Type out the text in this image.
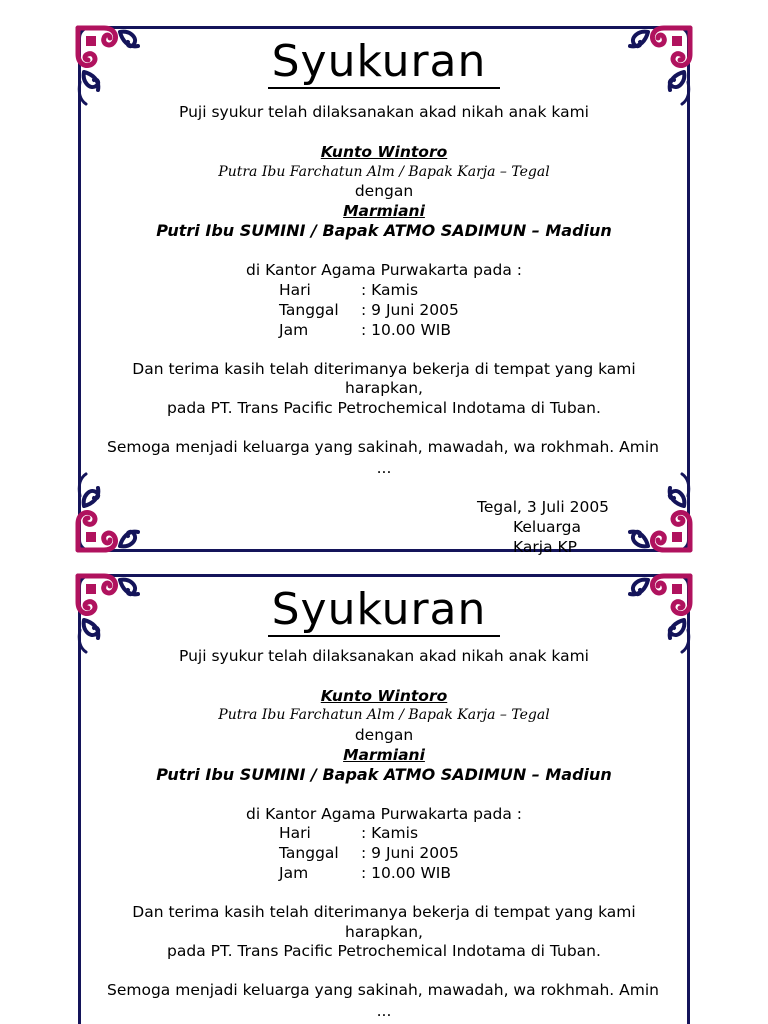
Syukuran
Puji syukur telah dilaksanakan akad nikah anak kami
Kunto Wintoro
Putra Ibu Farchatun Alm / Bapak Karja – Tegal
dengan
Marmiani
Putri Ibu SUMINI / Bapak ATMO SADIMUN – Madiun
di Kantor Agama Purwakarta pada :
Hari	: Kamis
Tanggal : 9 Juni 2005
Jam	: 10.00 WIB
Dan terima kasih telah diterimanya bekerja di tempat yang kami
harapkan,
pada PT. Trans Pacific Petrochemical Indotama di Tuban.
Semoga menjadi keluarga yang sakinah, mawadah, wa rokhmah. Amin
...
Tegal, 3 Juli 2005
Keluarga
Karja KP
Syukuran
Puji syukur telah dilaksanakan akad nikah anak kami
Kunto Wintoro
Putra Ibu Farchatun Alm / Bapak Karja – Tegal
dengan
Marmiani
Putri Ibu SUMINI / Bapak ATMO SADIMUN – Madiun
di Kantor Agama Purwakarta pada :
Hari	: Kamis
Tanggal : 9 Juni 2005
Jam	: 10.00 WIB
Dan terima kasih telah diterimanya bekerja di tempat yang kami
harapkan,
pada PT. Trans Pacific Petrochemical Indotama di Tuban.
Semoga menjadi keluarga yang sakinah, mawadah, wa rokhmah. Amin
...
